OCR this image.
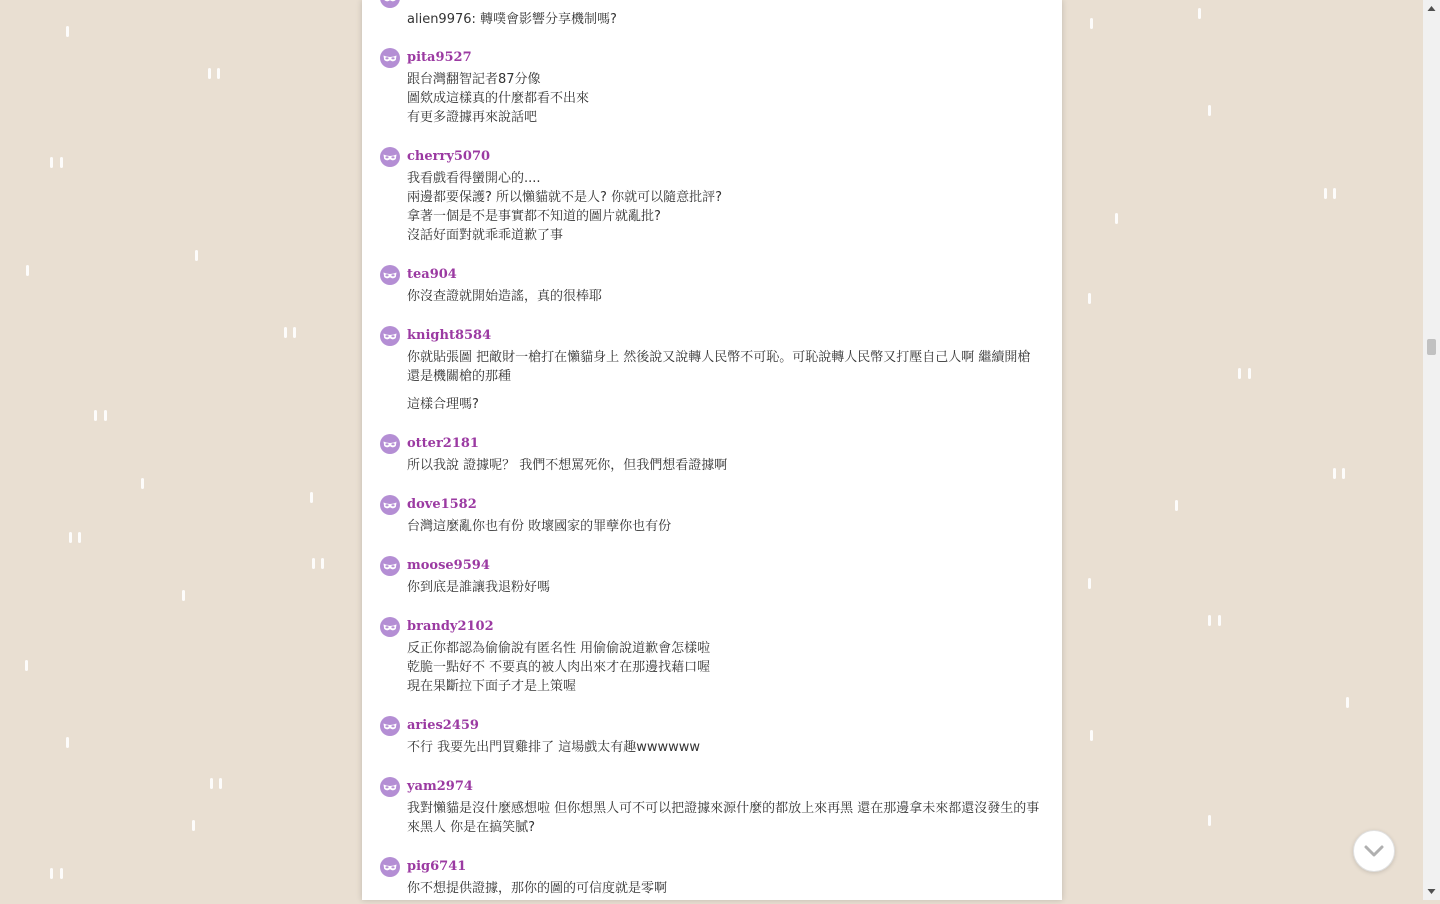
alien9976: 轉噗會影響分享機制嗎?
pita9527
跟台灣翻智記者87分像
圖欸成這樣真的什麼都看不出來
有更多證據再來說話吧
cherry5070
我看戲看得蠻開心的....
兩邊都要保護? 所以懶貓就不是人? 你就可以隨意批評?
拿著一個是不是事實都不知道的圖片就亂批?
沒話好面對就乖乖道歉了事
tea904
你沒查證就開始造謠，真的很棒耶
knight8584
你就貼張圖 把敵財一槍打在懶貓身上 然後說又說轉人民幣不可恥。可恥說轉人民幣又打壓自己人啊 繼續開槍 還是機關槍的那種
這樣合理嗎?
otter2181
所以我說 證據呢？ 我們不想罵死你，但我們想看證據啊
dove1582
台灣這麼亂你也有份 敗壞國家的罪孽你也有份
moose9594
你到底是誰讓我退粉好嗎
brandy2102
反正你都認為偷偷說有匿名性 用偷偷說道歉會怎樣啦
乾脆一點好不 不要真的被人肉出來才在那邊找藉口喔
現在果斷拉下面子才是上策喔
aries2459
不行 我要先出門買雞排了 這場戲太有趣wwwwww
yam2974
我對懶貓是沒什麼感想啦 但你想黑人可不可以把證據來源什麼的都放上來再黑 還在那邊拿未來都還沒發生的事來黑人 你是在搞笑膩?
pig6741
你不想提供證據，那你的圖的可信度就是零啊
